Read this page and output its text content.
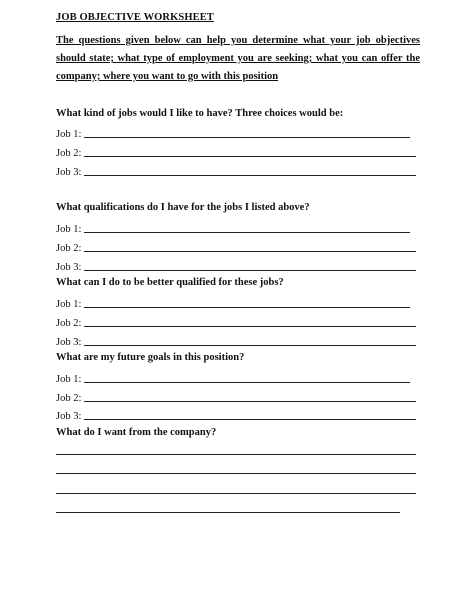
JOB OBJECTIVE WORKSHEET
The questions given below can help you determine what your job objectives should state; what type of employment you are seeking; what you can offer the company; where you want to go with this position
What kind of jobs would I like to have? Three choices would be:
Job 1:
Job 2:
Job 3:
What qualifications do I have for the jobs I listed above?
Job 1:
Job 2:
Job 3:
What can I do to be better qualified for these jobs?
Job 1:
Job 2:
Job 3:
What are my future goals in this position?
Job 1:
Job 2:
Job 3:
What do I want from the company?
